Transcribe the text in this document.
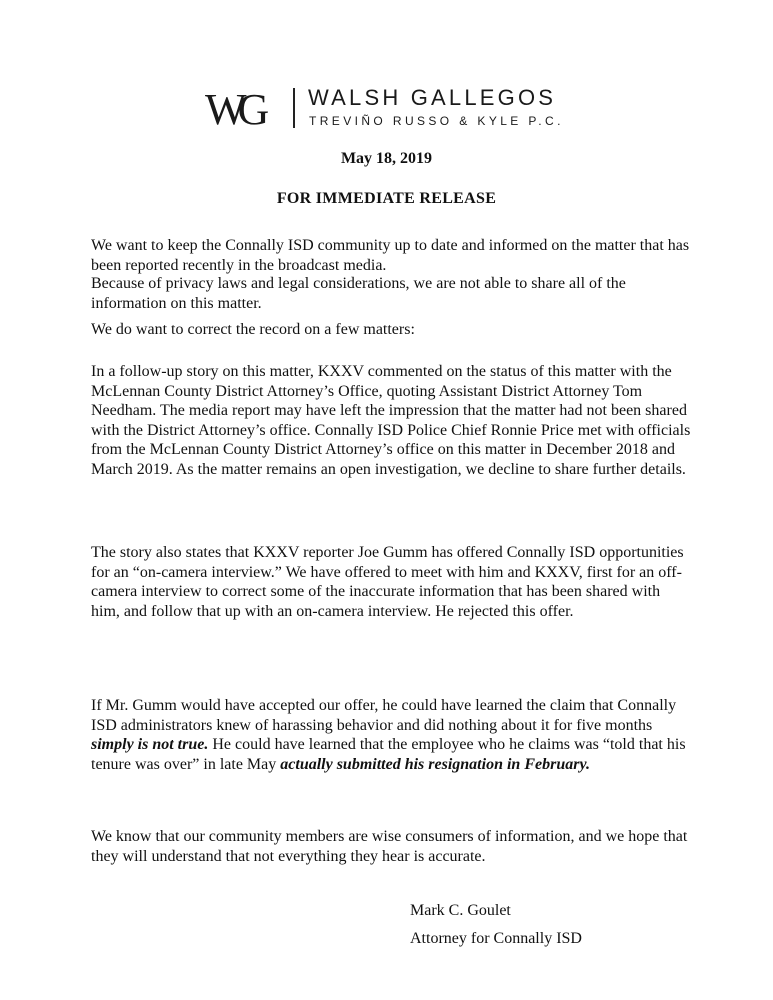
WG	WALSH GALLEGOS
TREVIÑO RUSSO & KYLE P.C.
May 18, 2019
FOR IMMEDIATE RELEASE

We want to keep the Connally ISD community up to date and informed on the matter that has been reported recently in the broadcast media.

Because of privacy laws and legal considerations, we are not able to share all of the information on this matter.

We do want to correct the record on a few matters:

In a follow-up story on this matter, KXXV commented on the status of this matter with the McLennan County District Attorney’s Office, quoting Assistant District Attorney Tom Needham. The media report may have left the impression that the matter had not been shared with the District Attorney’s office. Connally ISD Police Chief Ronnie Price met with officials from the McLennan County District Attorney’s office on this matter in December 2018 and March 2019. As the matter remains an open investigation, we decline to share further details.

The story also states that KXXV reporter Joe Gumm has offered Connally ISD opportunities for an “on-camera interview.” We have offered to meet with him and KXXV, first for an off-camera interview to correct some of the inaccurate information that has been shared with him, and follow that up with an on-camera interview. He rejected this offer.

If Mr. Gumm would have accepted our offer, he could have learned the claim that Connally ISD administrators knew of harassing behavior and did nothing about it for five months simply is not true. He could have learned that the employee who he claims was “told that his tenure was over” in late May actually submitted his resignation in February.

We know that our community members are wise consumers of information, and we hope that they will understand that not everything they hear is accurate.

Mark C. Goulet
Attorney for Connally ISD
